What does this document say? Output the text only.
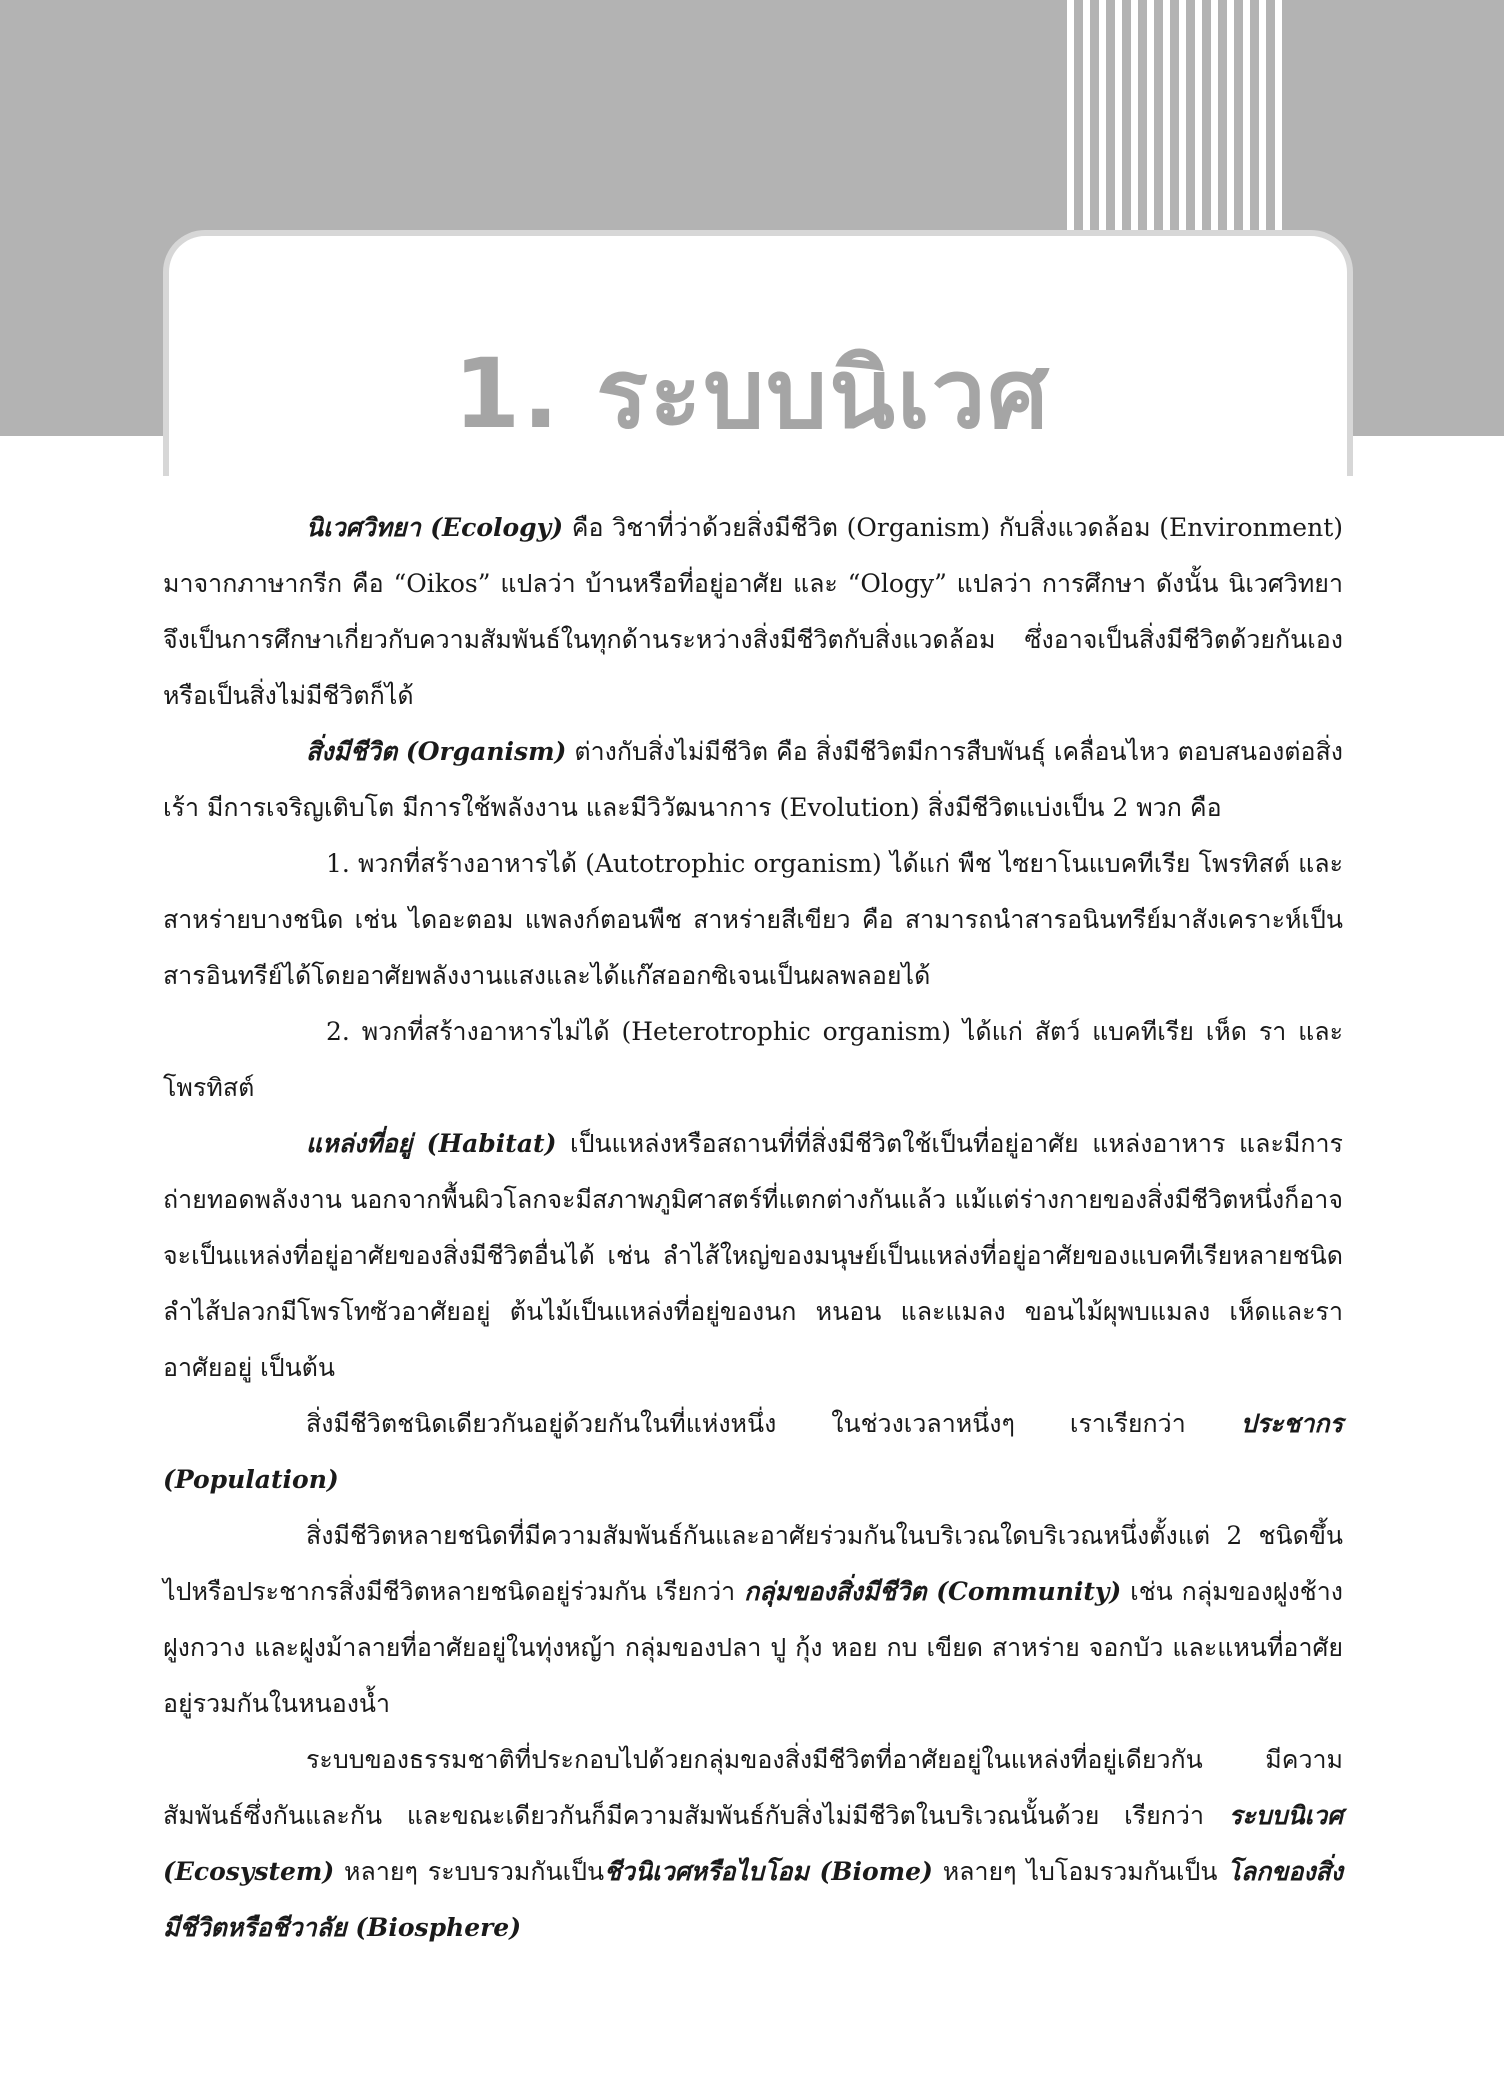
1. ระบบนิเวศ

นิเวศวิทยา (Ecology) คือ วิชาที่ว่าด้วยสิ่งมีชีวิต (Organism) กับสิ่งแวดล้อม (Environment) มาจากภาษากรีก คือ “Oikos” แปลว่า บ้านหรือที่อยู่อาศัย และ “Ology” แปลว่า การศึกษา ดังนั้น นิเวศวิทยาจึงเป็นการศึกษาเกี่ยวกับความสัมพันธ์ในทุกด้านระหว่างสิ่งมีชีวิตกับสิ่งแวดล้อม ซึ่งอาจเป็นสิ่งมีชีวิตด้วยกันเอง หรือเป็นสิ่งไม่มีชีวิตก็ได้

สิ่งมีชีวิต (Organism) ต่างกับสิ่งไม่มีชีวิต คือ สิ่งมีชีวิตมีการสืบพันธุ์ เคลื่อนไหว ตอบสนองต่อสิ่งเร้า มีการเจริญเติบโต มีการใช้พลังงาน และมีวิวัฒนาการ (Evolution) สิ่งมีชีวิตแบ่งเป็น 2 พวก คือ

1. พวกที่สร้างอาหารได้ (Autotrophic organism) ได้แก่ พืช ไซยาโนแบคทีเรีย โพรทิสต์ และสาหร่ายบางชนิด เช่น ไดอะตอม แพลงก์ตอนพืช สาหร่ายสีเขียว คือ สามารถนำสารอนินทรีย์มาสังเคราะห์เป็นสารอินทรีย์ได้โดยอาศัยพลังงานแสงและได้แก๊สออกซิเจนเป็นผลพลอยได้

2. พวกที่สร้างอาหารไม่ได้ (Heterotrophic organism) ได้แก่ สัตว์ แบคทีเรีย เห็ด รา และโพรทิสต์

แหล่งที่อยู่ (Habitat) เป็นแหล่งหรือสถานที่ที่สิ่งมีชีวิตใช้เป็นที่อยู่อาศัย แหล่งอาหาร และมีการถ่ายทอดพลังงาน นอกจากพื้นผิวโลกจะมีสภาพภูมิศาสตร์ที่แตกต่างกันแล้ว แม้แต่ร่างกายของสิ่งมีชีวิตหนึ่งก็อาจจะเป็นแหล่งที่อยู่อาศัยของสิ่งมีชีวิตอื่นได้ เช่น ลำไส้ใหญ่ของมนุษย์เป็นแหล่งที่อยู่อาศัยของแบคทีเรียหลายชนิด ลำไส้ปลวกมีโพรโทซัวอาศัยอยู่ ต้นไม้เป็นแหล่งที่อยู่ของนก หนอน และแมลง ขอนไม้ผุพบแมลง เห็ดและราอาศัยอยู่ เป็นต้น

สิ่งมีชีวิตชนิดเดียวกันอยู่ด้วยกันในที่แห่งหนึ่ง ในช่วงเวลาหนึ่งๆ เราเรียกว่า ประชากร (Population)

สิ่งมีชีวิตหลายชนิดที่มีความสัมพันธ์กันและอาศัยร่วมกันในบริเวณใดบริเวณหนึ่งตั้งแต่ 2 ชนิดขึ้นไปหรือประชากรสิ่งมีชีวิตหลายชนิดอยู่ร่วมกัน เรียกว่า กลุ่มของสิ่งมีชีวิต (Community) เช่น กลุ่มของฝูงช้าง ฝูงกวาง และฝูงม้าลายที่อาศัยอยู่ในทุ่งหญ้า กลุ่มของปลา ปู กุ้ง หอย กบ เขียด สาหร่าย จอกบัว และแหนที่อาศัยอยู่รวมกันในหนองน้ำ

ระบบของธรรมชาติที่ประกอบไปด้วยกลุ่มของสิ่งมีชีวิตที่อาศัยอยู่ในแหล่งที่อยู่เดียวกัน มีความสัมพันธ์ซึ่งกันและกัน และขณะเดียวกันก็มีความสัมพันธ์กับสิ่งไม่มีชีวิตในบริเวณนั้นด้วย เรียกว่า ระบบนิเวศ (Ecosystem) หลายๆ ระบบรวมกันเป็นชีวนิเวศหรือไบโอม (Biome) หลายๆ ไบโอมรวมกันเป็น โลกของสิ่งมีชีวิตหรือชีวาลัย (Biosphere)
